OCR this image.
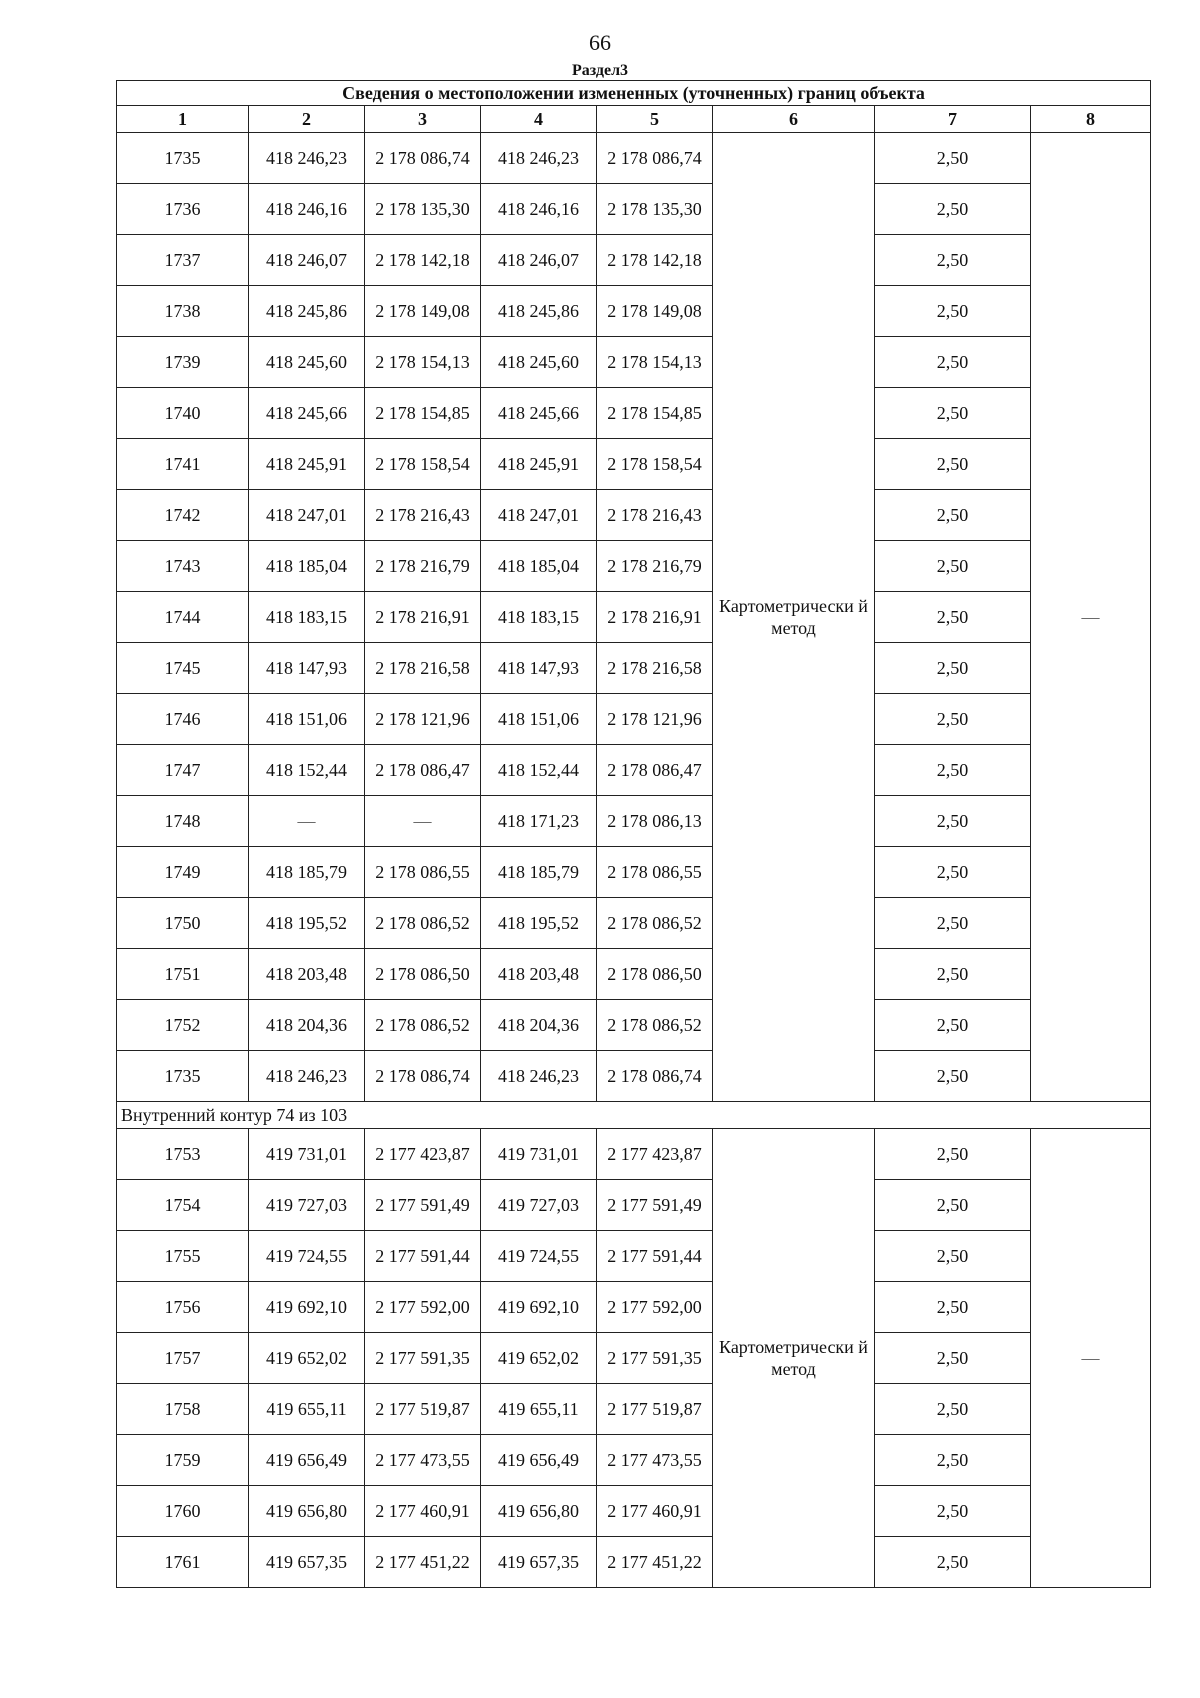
66
Раздел3
Сведения о местоположении измененных (уточненных) границ объекта							
1	2	3	4	5	6	7	8
1735	418 246,23	2 178 086,74	418 246,23	2 178 086,74	Картометрически й метод	2,50	—
1736	418 246,16	2 178 135,30	418 246,16	2 178 135,30		2,50	
1737	418 246,07	2 178 142,18	418 246,07	2 178 142,18		2,50	
1738	418 245,86	2 178 149,08	418 245,86	2 178 149,08		2,50	
1739	418 245,60	2 178 154,13	418 245,60	2 178 154,13		2,50	
1740	418 245,66	2 178 154,85	418 245,66	2 178 154,85		2,50	
1741	418 245,91	2 178 158,54	418 245,91	2 178 158,54		2,50	
1742	418 247,01	2 178 216,43	418 247,01	2 178 216,43		2,50	
1743	418 185,04	2 178 216,79	418 185,04	2 178 216,79		2,50	
1744	418 183,15	2 178 216,91	418 183,15	2 178 216,91		2,50	
1745	418 147,93	2 178 216,58	418 147,93	2 178 216,58		2,50	
1746	418 151,06	2 178 121,96	418 151,06	2 178 121,96		2,50	
1747	418 152,44	2 178 086,47	418 152,44	2 178 086,47		2,50	
1748	—	—	418 171,23	2 178 086,13		2,50	
1749	418 185,79	2 178 086,55	418 185,79	2 178 086,55		2,50	
1750	418 195,52	2 178 086,52	418 195,52	2 178 086,52		2,50	
1751	418 203,48	2 178 086,50	418 203,48	2 178 086,50		2,50	
1752	418 204,36	2 178 086,52	418 204,36	2 178 086,52		2,50	
1735	418 246,23	2 178 086,74	418 246,23	2 178 086,74		2,50	
Внутренний контур 74 из 103							
1753	419 731,01	2 177 423,87	419 731,01	2 177 423,87	Картометрически й метод	2,50	—
1754	419 727,03	2 177 591,49	419 727,03	2 177 591,49		2,50	
1755	419 724,55	2 177 591,44	419 724,55	2 177 591,44		2,50	
1756	419 692,10	2 177 592,00	419 692,10	2 177 592,00		2,50	
1757	419 652,02	2 177 591,35	419 652,02	2 177 591,35		2,50	
1758	419 655,11	2 177 519,87	419 655,11	2 177 519,87		2,50	
1759	419 656,49	2 177 473,55	419 656,49	2 177 473,55		2,50	
1760	419 656,80	2 177 460,91	419 656,80	2 177 460,91		2,50	
1761	419 657,35	2 177 451,22	419 657,35	2 177 451,22		2,50	
